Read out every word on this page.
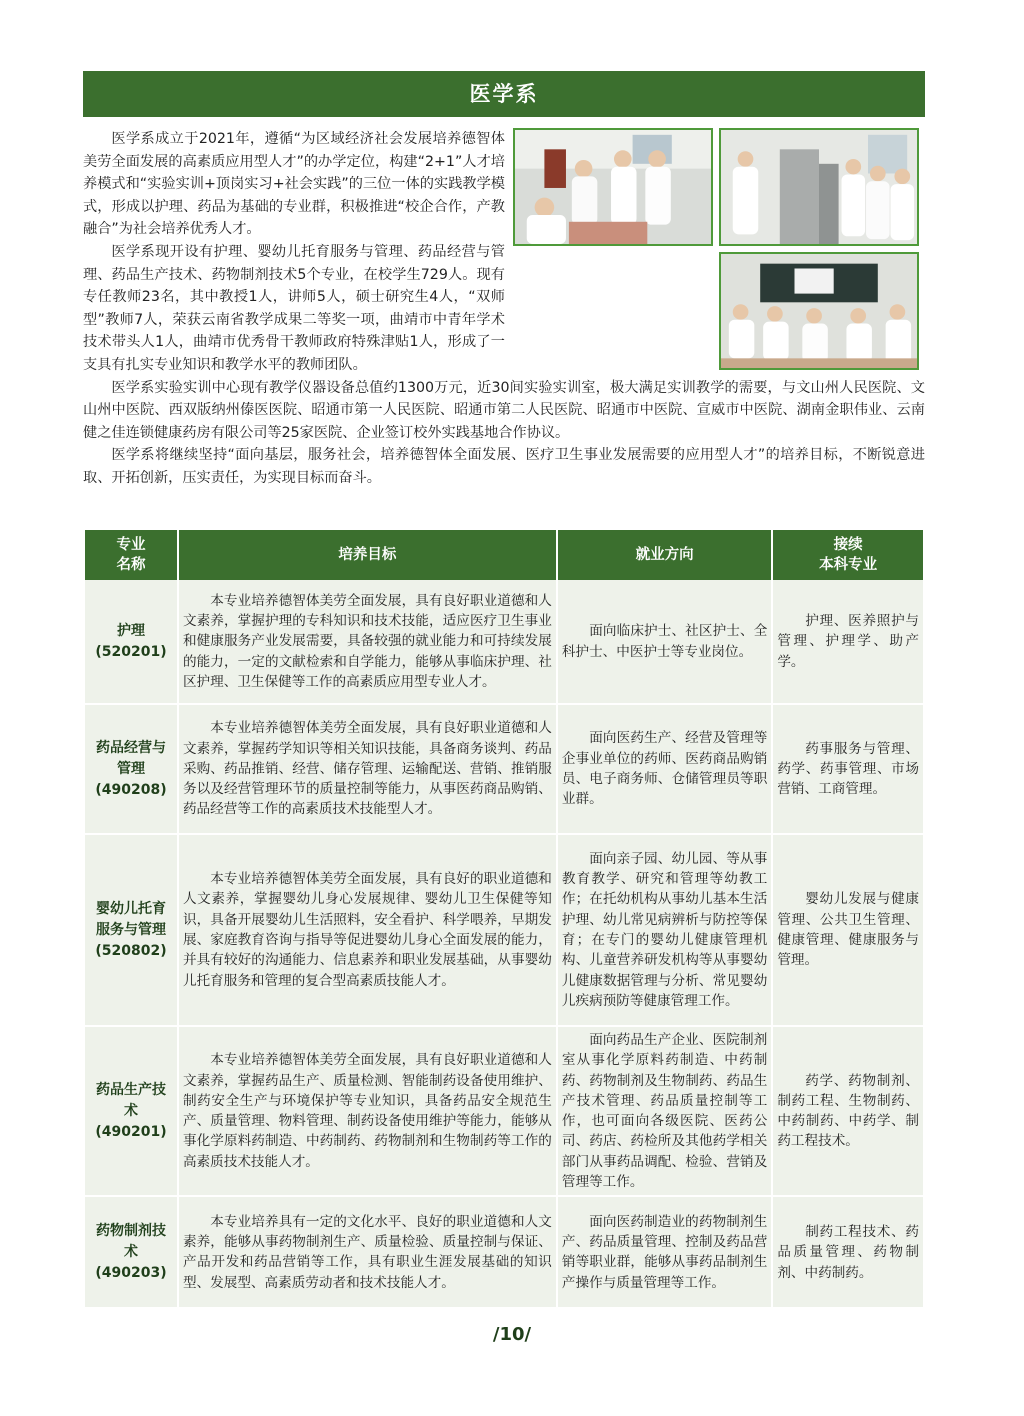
医学系

医学系成立于2021年，遵循“为区域经济社会发展培养德智体美劳全面发展的高素质应用型人才”的办学定位，构建“2+1”人才培养模式和“实验实训+顶岗实习+社会实践”的三位一体的实践教学模式，形成以护理、药品为基础的专业群，积极推进“校企合作，产教融合”为社会培养优秀人才。

医学系现开设有护理、婴幼儿托育服务与管理、药品经营与管理、药品生产技术、药物制剂技术5个专业，在校学生729人。现有专任教师23名，其中教授1人，讲师5人，硕士研究生4人，“双师型”教师7人，荣获云南省教学成果二等奖一项，曲靖市中青年学术技术带头人1人，曲靖市优秀骨干教师政府特殊津贴1人，形成了一支具有扎实专业知识和教学水平的教师团队。

医学系实验实训中心现有教学仪器设备总值约1300万元，近30间实验实训室，极大满足实训教学的需要，与文山州人民医院、文山州中医院、西双版纳州傣医医院、昭通市第一人民医院、昭通市第二人民医院、昭通市中医院、宣威市中医院、湖南金职伟业、云南健之佳连锁健康药房有限公司等25家医院、企业签订校外实践基地合作协议。

医学系将继续坚持“面向基层，服务社会，培养德智体全面发展、医疗卫生事业发展需要的应用型人才”的培养目标，不断锐意进取、开拓创新，压实责任，为实现目标而奋斗。

专业
名称	培养目标	就业方向	接续
本科专业
护理
(520201)	本专业培养德智体美劳全面发展，具有良好职业道德和人文素养，掌握护理的专科知识和技术技能，适应医疗卫生事业和健康服务产业发展需要，具备较强的就业能力和可持续发展的能力，一定的文献检索和自学能力，能够从事临床护理、社区护理、卫生保健等工作的高素质应用型专业人才。	面向临床护士、社区护士、全科护士、中医护士等专业岗位。	护理、医养照护与管理、护理学、助产学。
药品经营与管理
(490208)	本专业培养德智体美劳全面发展，具有良好职业道德和人文素养，掌握药学知识等相关知识技能，具备商务谈判、药品采购、药品推销、经营、储存管理、运输配送、营销、推销服务以及经营管理环节的质量控制等能力，从事医药商品购销、药品经营等工作的高素质技术技能型人才。	面向医药生产、经营及管理等企事业单位的药师、医药商品购销员、电子商务师、仓储管理员等职业群。	药事服务与管理、药学、药事管理、市场营销、工商管理。
婴幼儿托育服务与管理
(520802)	本专业培养德智体美劳全面发展，具有良好的职业道德和人文素养，掌握婴幼儿身心发展规律、婴幼儿卫生保健等知识，具备开展婴幼儿生活照料，安全看护、科学喂养，早期发展、家庭教育咨询与指导等促进婴幼儿身心全面发展的能力，并具有较好的沟通能力、信息素养和职业发展基础，从事婴幼儿托育服务和管理的复合型高素质技能人才。	面向亲子园、幼儿园、等从事教育教学、研究和管理等幼教工作；在托幼机构从事幼儿基本生活护理、幼儿常见病辨析与防控等保育；在专门的婴幼儿健康管理机构、儿童营养研发机构等从事婴幼儿健康数据管理与分析、常见婴幼儿疾病预防等健康管理工作。	婴幼儿发展与健康管理、公共卫生管理、健康管理、健康服务与管理。
药品生产技术
(490201)	本专业培养德智体美劳全面发展，具有良好职业道德和人文素养，掌握药品生产、质量检测、智能制药设备使用维护、制药安全生产与环境保护等专业知识，具备药品安全规范生产、质量管理、物料管理、制药设备使用维护等能力，能够从事化学原料药制造、中药制药、药物制剂和生物制药等工作的高素质技术技能人才。	面向药品生产企业、医院制剂室从事化学原料药制造、中药制药、药物制剂及生物制药、药品生产技术管理、药品质量控制等工作，也可面向各级医院、医药公司、药店、药检所及其他药学相关部门从事药品调配、检验、营销及管理等工作。	药学、药物制剂、制药工程、生物制药、中药制药、中药学、制药工程技术。
药物制剂技术
(490203)	本专业培养具有一定的文化水平、良好的职业道德和人文素养，能够从事药物制剂生产、质量检验、质量控制与保证、产品开发和药品营销等工作，具有职业生涯发展基础的知识型、发展型、高素质劳动者和技术技能人才。	面向医药制造业的药物制剂生产、药品质量管理、控制及药品营销等职业群，能够从事药品制剂生产操作与质量管理等工作。	制药工程技术、药品质量管理、药物制剂、中药制药。
/10/
